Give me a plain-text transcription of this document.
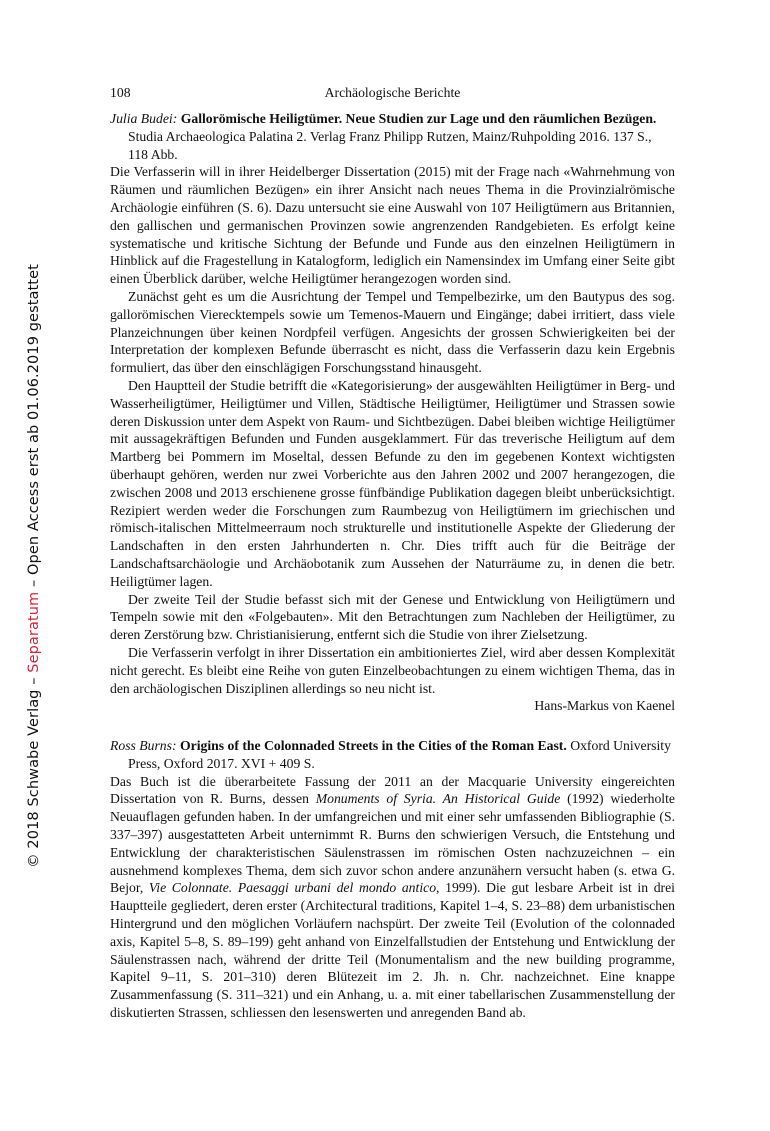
© 2018 Schwabe Verlag – Separatum – Open Access erst ab 01.06.2019 gestattet
108	Archäologische Berichte
Julia Budei: Gallorömische Heiligtümer. Neue Studien zur Lage und den räumlichen Bezügen. Studia Archaeologica Palatina 2. Verlag Franz Philipp Rutzen, Mainz/Ruhpolding 2016. 137 S., 118 Abb.

Die Verfasserin will in ihrer Heidelberger Dissertation (2015) mit der Frage nach «Wahrnehmung von Räumen und räumlichen Bezügen» ein ihrer Ansicht nach neues Thema in die Provinzialrömische Archäologie einführen (S. 6). Dazu untersucht sie eine Auswahl von 107 Heiligtümern aus Britannien, den gallischen und germanischen Provinzen sowie angrenzenden Randgebieten. Es erfolgt keine systematische und kritische Sichtung der Befunde und Funde aus den einzelnen Heiligtümern in Hinblick auf die Fragestellung in Katalogform, lediglich ein Namensindex im Umfang einer Seite gibt einen Überblick darüber, welche Heiligtümer herangezogen worden sind.

Zunächst geht es um die Ausrichtung der Tempel und Tempelbezirke, um den Bautypus des sog. gallorömischen Vierecktempels sowie um Temenos-Mauern und Eingänge; dabei irritiert, dass viele Planzeichnungen über keinen Nordpfeil verfügen. Angesichts der grossen Schwierigkeiten bei der Interpretation der komplexen Befunde überrascht es nicht, dass die Verfasserin dazu kein Ergebnis formuliert, das über den einschlägigen Forschungsstand hinausgeht.

Den Hauptteil der Studie betrifft die «Kategorisierung» der ausgewählten Heiligtümer in Berg- und Wasserheiligtümer, Heiligtümer und Villen, Städtische Heiligtümer, Heiligtümer und Strassen sowie deren Diskussion unter dem Aspekt von Raum- und Sichtbezügen. Dabei bleiben wichtige Heiligtümer mit aussagekräftigen Befunden und Funden ausgeklammert. Für das treverische Heiligtum auf dem Martberg bei Pommern im Moseltal, dessen Befunde zu den im gegebenen Kontext wichtigsten überhaupt gehören, werden nur zwei Vorberichte aus den Jahren 2002 und 2007 herangezogen, die zwischen 2008 und 2013 erschienene grosse fünfbändige Publikation dagegen bleibt unberücksichtigt. Rezipiert werden weder die Forschungen zum Raumbezug von Heiligtümern im griechischen und römisch-italischen Mittelmeerraum noch strukturelle und institutionelle Aspekte der Gliederung der Landschaften in den ersten Jahrhunderten n. Chr. Dies trifft auch für die Beiträge der Landschaftsarchäologie und Archäobotanik zum Aussehen der Naturräume zu, in denen die betr. Heiligtümer lagen.

Der zweite Teil der Studie befasst sich mit der Genese und Entwicklung von Heiligtümern und Tempeln sowie mit den «Folgebauten». Mit den Betrachtungen zum Nachleben der Heiligtümer, zu deren Zerstörung bzw. Christianisierung, entfernt sich die Studie von ihrer Zielsetzung.

Die Verfasserin verfolgt in ihrer Dissertation ein ambitioniertes Ziel, wird aber dessen Komplexität nicht gerecht. Es bleibt eine Reihe von guten Einzelbeobachtungen zu einem wichtigen Thema, das in den archäologischen Disziplinen allerdings so neu nicht ist.

Hans-Markus von Kaenel
Ross Burns: Origins of the Colonnaded Streets in the Cities of the Roman East. Oxford University Press, Oxford 2017. XVI + 409 S.

Das Buch ist die überarbeitete Fassung der 2011 an der Macquarie University eingereichten Dissertation von R. Burns, dessen Monuments of Syria. An Historical Guide (1992) wiederholte Neuauflagen gefunden haben. In der umfangreichen und mit einer sehr umfassenden Bibliographie (S. 337–397) ausgestatteten Arbeit unternimmt R. Burns den schwierigen Versuch, die Entstehung und Entwicklung der charakteristischen Säulenstrassen im römischen Osten nachzuzeichnen – ein ausnehmend komplexes Thema, dem sich zuvor schon andere anzunähern versucht haben (s. etwa G. Bejor, Vie Colonnate. Paesaggi urbani del mondo antico, 1999). Die gut lesbare Arbeit ist in drei Hauptteile gegliedert, deren erster (Architectural traditions, Kapitel 1–4, S. 23–88) dem urbanistischen Hintergrund und den möglichen Vorläufern nachspürt. Der zweite Teil (Evolution of the colonnaded axis, Kapitel 5–8, S. 89–199) geht anhand von Einzelfallstudien der Entstehung und Entwicklung der Säulenstrassen nach, während der dritte Teil (Monumentalism and the new building programme, Kapitel 9–11, S. 201–310) deren Blütezeit im 2. Jh. n. Chr. nachzeichnet. Eine knappe Zusammenfassung (S. 311–321) und ein Anhang, u. a. mit einer tabellarischen Zusammenstellung der diskutierten Strassen, schliessen den lesenswerten und anregenden Band ab.
